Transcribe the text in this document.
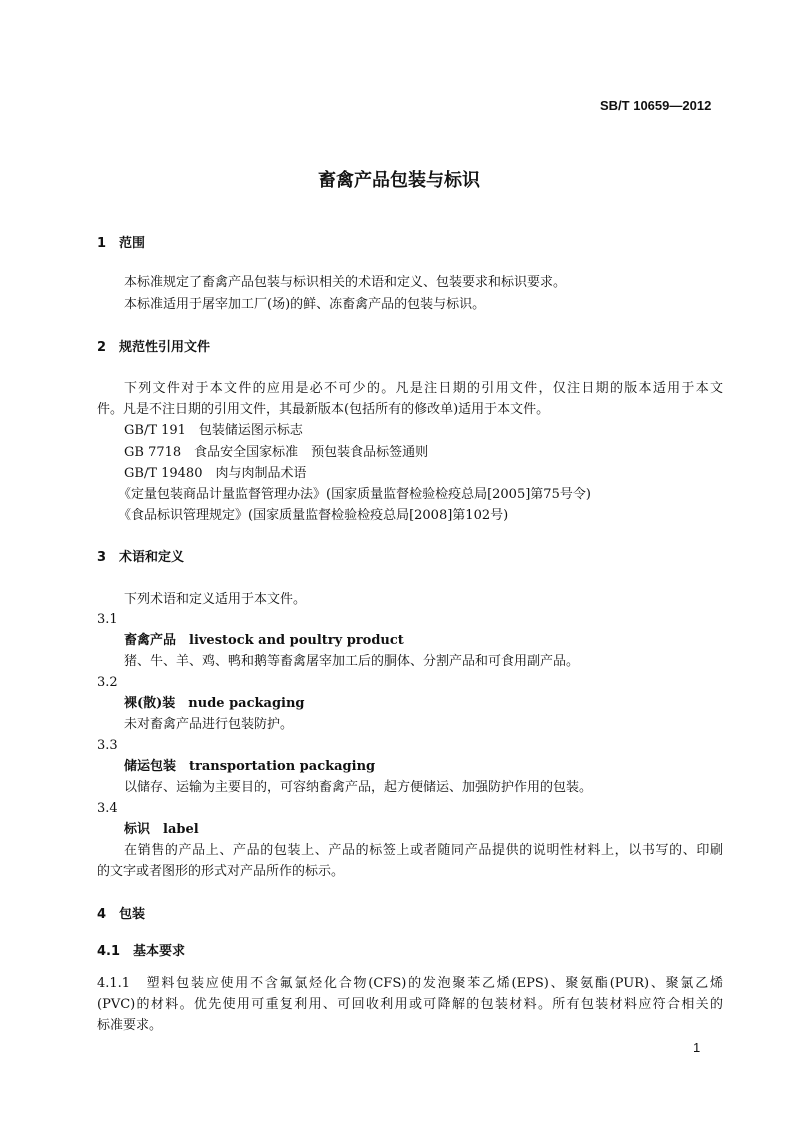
SB/T 10659—2012
畜禽产品包装与标识
1　范围
本标准规定了畜禽产品包装与标识相关的术语和定义、包装要求和标识要求。
本标准适用于屠宰加工厂(场)的鲜、冻畜禽产品的包装与标识。
2　规范性引用文件
下列文件对于本文件的应用是必不可少的。凡是注日期的引用文件，仅注日期的版本适用于本文
件。凡是不注日期的引用文件，其最新版本(包括所有的修改单)适用于本文件。
GB/T 191　包装储运图示标志
GB 7718　食品安全国家标准　预包装食品标签通则
GB/T 19480　肉与肉制品术语
《定量包装商品计量监督管理办法》(国家质量监督检验检疫总局[2005]第75号令)
《食品标识管理规定》(国家质量监督检验检疫总局[2008]第102号)
3　术语和定义
下列术语和定义适用于本文件。
3.1
畜禽产品　livestock and poultry product
猪、牛、羊、鸡、鸭和鹅等畜禽屠宰加工后的胴体、分割产品和可食用副产品。
3.2
裸(散)装　nude packaging
未对畜禽产品进行包装防护。
3.3
储运包装　transportation packaging
以储存、运输为主要目的，可容纳畜禽产品，起方便储运、加强防护作用的包装。
3.4
标识　label
在销售的产品上、产品的包装上、产品的标签上或者随同产品提供的说明性材料上，以书写的、印刷
的文字或者图形的形式对产品所作的标示。
4　包装
4.1　基本要求
4.1.1　塑料包装应使用不含氟氯烃化合物(CFS)的发泡聚苯乙烯(EPS)、聚氨酯(PUR)、聚氯乙烯
(PVC)的材料。优先使用可重复利用、可回收利用或可降解的包装材料。所有包装材料应符合相关的
标准要求。
1
